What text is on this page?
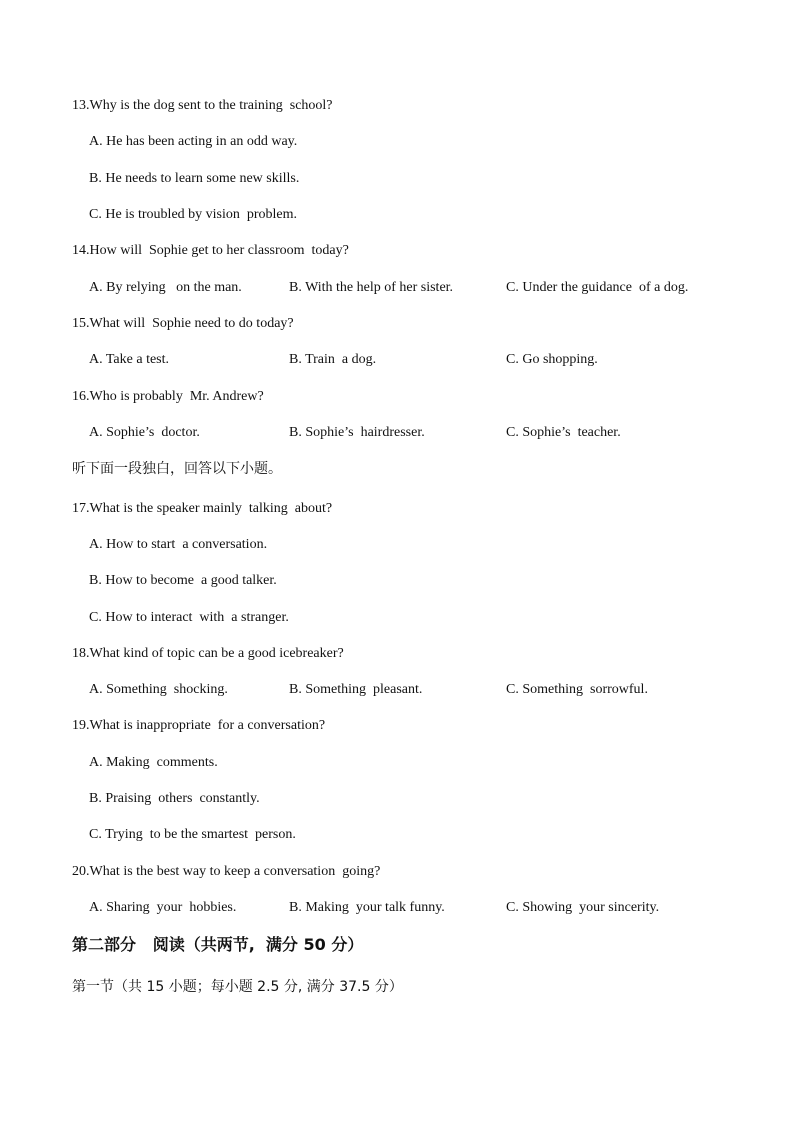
13.Why is the dog sent to the training  school?
A. He has been acting in an odd way.
B. He needs to learn some new skills.
C. He is troubled by vision  problem.
14.How will  Sophie get to her classroom  today?
A. By relying   on the man.	B. With the help of her sister.	C. Under the guidance  of a dog.
15.What will  Sophie need to do today?
A. Take a test.	B. Train  a dog.	C. Go shopping.
16.Who is probably  Mr. Andrew?
A. Sophie’s  doctor.	B. Sophie’s  hairdresser.	C. Sophie’s  teacher.
听下面一段独白，回答以下小题。
17.What is the speaker mainly  talking  about?
A. How to start  a conversation.
B. How to become  a good talker.
C. How to interact  with  a stranger.
18.What kind of topic can be a good icebreaker?
A. Something  shocking.	B. Something  pleasant.	C. Something  sorrowful.
19.What is inappropriate  for a conversation?
A. Making  comments.
B. Praising  others  constantly.
C. Trying  to be the smartest  person.
20.What is the best way to keep a conversation  going?
A. Sharing  your  hobbies.	B. Making  your talk funny.	C. Showing  your sincerity.
第二部分   阅读（共两节,  满分 50 分）
第一节（共 15 小题；每小题 2.5 分, 满分 37.5 分）
